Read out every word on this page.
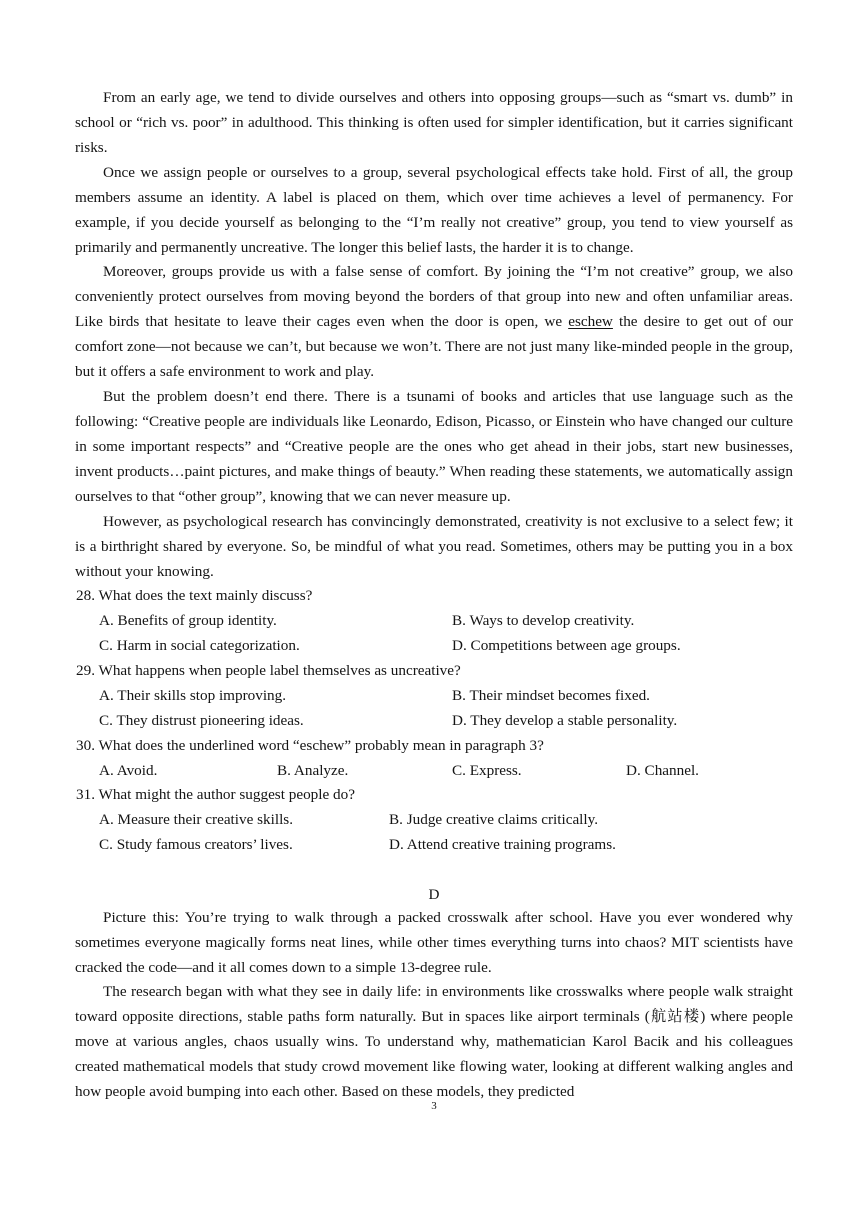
From an early age, we tend to divide ourselves and others into opposing groups—such as “smart vs. dumb” in school or “rich vs. poor” in adulthood. This thinking is often used for simpler identification, but it carries significant risks.

Once we assign people or ourselves to a group, several psychological effects take hold. First of all, the group members assume an identity. A label is placed on them, which over time achieves a level of permanency. For example, if you decide yourself as belonging to the “I’m really not creative” group, you tend to view yourself as primarily and permanently uncreative. The longer this belief lasts, the harder it is to change.

Moreover, groups provide us with a false sense of comfort. By joining the “I’m not creative” group, we also conveniently protect ourselves from moving beyond the borders of that group into new and often unfamiliar areas. Like birds that hesitate to leave their cages even when the door is open, we eschew the desire to get out of our comfort zone—not because we can’t, but because we won’t. There are not just many like-minded people in the group, but it offers a safe environment to work and play.

But the problem doesn’t end there. There is a tsunami of books and articles that use language such as the following: “Creative people are individuals like Leonardo, Edison, Picasso, or Einstein who have changed our culture in some important respects” and “Creative people are the ones who get ahead in their jobs, start new businesses, invent products…paint pictures, and make things of beauty.” When reading these statements, we automatically assign ourselves to that “other group”, knowing that we can never measure up.

However, as psychological research has convincingly demonstrated, creativity is not exclusive to a select few; it is a birthright shared by everyone. So, be mindful of what you read. Sometimes, others may be putting you in a box without your knowing.

28. What does the text mainly discuss?
A. Benefits of group identity.	B. Ways to develop creativity.
C. Harm in social categorization.	D. Competitions between age groups.
29. What happens when people label themselves as uncreative?
A. Their skills stop improving.	B. Their mindset becomes fixed.
C. They distrust pioneering ideas.	D. They develop a stable personality.
30. What does the underlined word “eschew” probably mean in paragraph 3?
A. Avoid.	B. Analyze.	C. Express.	D. Channel.
31. What might the author suggest people do?
A. Measure their creative skills.	B. Judge creative claims critically.
C. Study famous creators’ lives.	D. Attend creative training programs.
D

Picture this: You’re trying to walk through a packed crosswalk after school. Have you ever wondered why sometimes everyone magically forms neat lines, while other times everything turns into chaos? MIT scientists have cracked the code—and it all comes down to a simple 13-degree rule.

The research began with what they see in daily life: in environments like crosswalks where people walk straight toward opposite directions, stable paths form naturally. But in spaces like airport terminals (航站楼) where people move at various angles, chaos usually wins. To understand why, mathematician Karol Bacik and his colleagues created mathematical models that study crowd movement like flowing water, looking at different walking angles and how people avoid bumping into each other. Based on these models, they predicted

3
